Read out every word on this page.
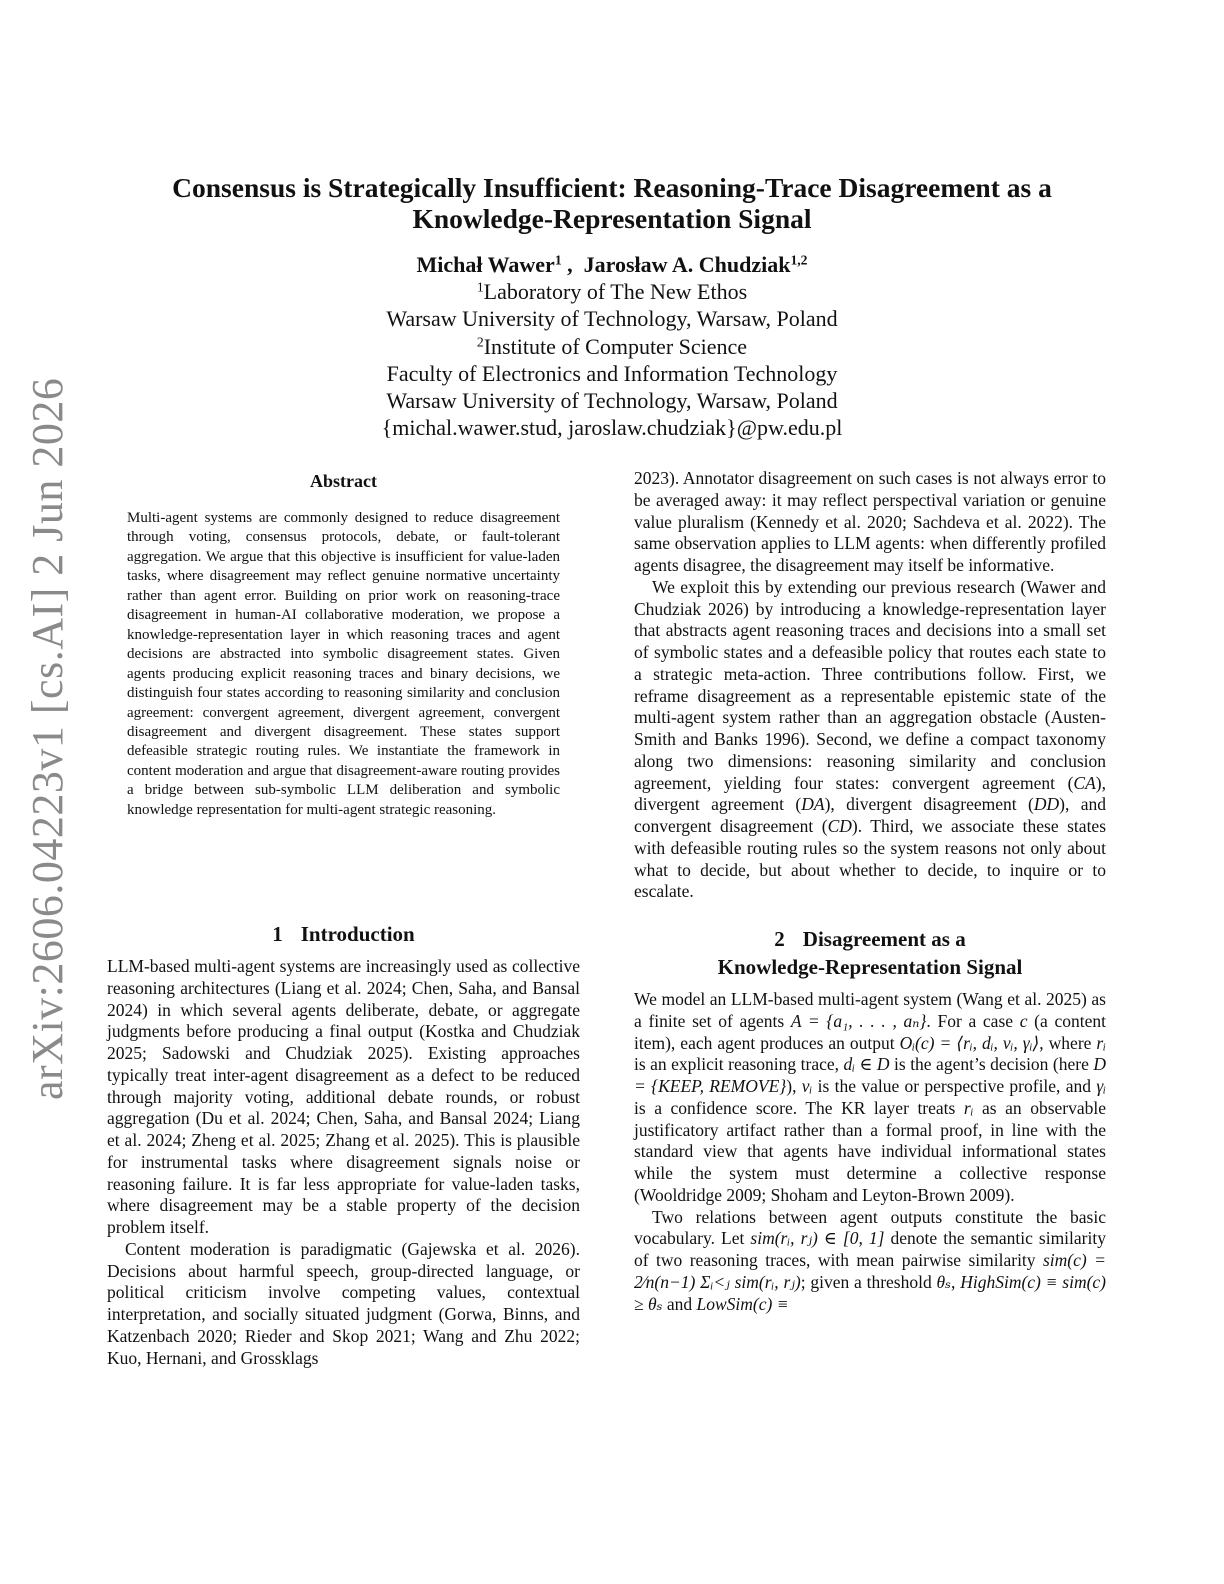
arXiv:2606.04223v1 [cs.AI] 2 Jun 2026
Consensus is Strategically Insufficient: Reasoning-Trace Disagreement as a
Knowledge-Representation Signal
Michał Wawer$^1$ ,  Jarosław A. Chudziak$^{1,2}$
$^1$Laboratory of The New Ethos
Warsaw University of Technology, Warsaw, Poland
$^2$Institute of Computer Science
Faculty of Electronics and Information Technology
Warsaw University of Technology, Warsaw, Poland
{michal.wawer.stud, jaroslaw.chudziak}@pw.edu.pl
Abstract

Multi-agent systems are commonly designed to reduce disagreement through voting, consensus protocols, debate, or fault-tolerant aggregation. We argue that this objective is insufficient for value-laden tasks, where disagreement may reflect genuine normative uncertainty rather than agent error. Building on prior work on reasoning-trace disagreement in human-AI collaborative moderation, we propose a knowledge-representation layer in which reasoning traces and agent decisions are abstracted into symbolic disagreement states. Given agents producing explicit reasoning traces and binary decisions, we distinguish four states according to reasoning similarity and conclusion agreement: convergent agreement, divergent agreement, convergent disagreement and divergent disagreement. These states support defeasible strategic routing rules. We instantiate the framework in content moderation and argue that disagreement-aware routing provides a bridge between sub-symbolic LLM deliberation and symbolic knowledge representation for multi-agent strategic reasoning.

1 Introduction

LLM-based multi-agent systems are increasingly used as collective reasoning architectures (Liang et al. 2024; Chen, Saha, and Bansal 2024) in which several agents deliberate, debate, or aggregate judgments before producing a final output (Kostka and Chudziak 2025; Sadowski and Chudziak 2025). Existing approaches typically treat inter-agent disagreement as a defect to be reduced through majority voting, additional debate rounds, or robust aggregation (Du et al. 2024; Chen, Saha, and Bansal 2024; Liang et al. 2024; Zheng et al. 2025; Zhang et al. 2025). This is plausible for instrumental tasks where disagreement signals noise or reasoning failure. It is far less appropriate for value-laden tasks, where disagreement may be a stable property of the decision problem itself.

Content moderation is paradigmatic (Gajewska et al. 2026). Decisions about harmful speech, group-directed language, or political criticism involve competing values, contextual interpretation, and socially situated judgment (Gorwa, Binns, and Katzenbach 2020; Rieder and Skop 2021; Wang and Zhu 2022; Kuo, Hernani, and Grossklags

2023). Annotator disagreement on such cases is not always error to be averaged away: it may reflect perspectival variation or genuine value pluralism (Kennedy et al. 2020; Sachdeva et al. 2022). The same observation applies to LLM agents: when differently profiled agents disagree, the disagreement may itself be informative.

We exploit this by extending our previous research (Wawer and Chudziak 2026) by introducing a knowledge-representation layer that abstracts agent reasoning traces and decisions into a small set of symbolic states and a defeasible policy that routes each state to a strategic meta-action. Three contributions follow. First, we reframe disagreement as a representable epistemic state of the multi-agent system rather than an aggregation obstacle (Austen-Smith and Banks 1996). Second, we define a compact taxonomy along two dimensions: reasoning similarity and conclusion agreement, yielding four states: convergent agreement (CA), divergent agreement (DA), divergent disagreement (DD), and convergent disagreement (CD). Third, we associate these states with defeasible routing rules so the system reasons not only about what to decide, but about whether to decide, to inquire or to escalate.

2 Disagreement as a
Knowledge-Representation Signal

We model an LLM-based multi-agent system (Wang et al. 2025) as a finite set of agents A = {a₁, . . . , aₙ}. For a case c (a content item), each agent produces an output Oᵢ(c) = ⟨rᵢ, dᵢ, vᵢ, γᵢ⟩, where rᵢ is an explicit reasoning trace, dᵢ ∈ D is the agent’s decision (here D = {KEEP, REMOVE}), vᵢ is the value or perspective profile, and γᵢ is a confidence score. The KR layer treats rᵢ as an observable justificatory artifact rather than a formal proof, in line with the standard view that agents have individual informational states while the system must determine a collective response (Wooldridge 2009; Shoham and Leyton-Brown 2009).

Two relations between agent outputs constitute the basic vocabulary. Let sim(rᵢ, rⱼ) ∈ [0, 1] denote the semantic similarity of two reasoning traces, with mean pairwise similarity sim(c) = 2⁄n(n−1) Σᵢ<ⱼ sim(rᵢ, rⱼ); given a threshold θₛ, HighSim(c) ≡ sim(c) ≥ θₛ and LowSim(c) ≡
